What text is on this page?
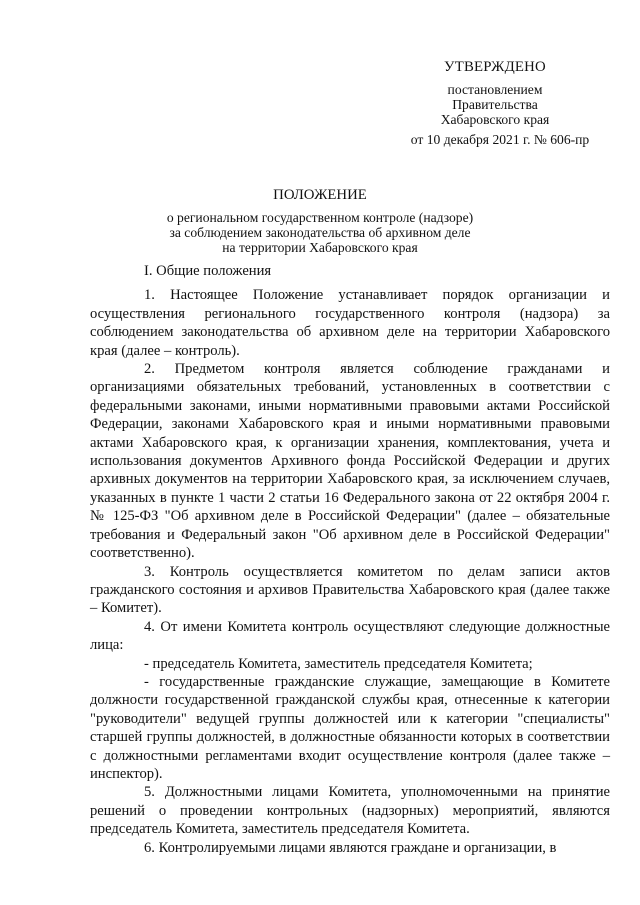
УТВЕРЖДЕНО
постановлением
Правительства
Хабаровского края
от 10 декабря 2021 г. № 606-пр
ПОЛОЖЕНИЕ
о региональном государственном контроле (надзоре)
за соблюдением законодательства об архивном деле
на территории Хабаровского края

I. Общие положения

1. Настоящее Положение устанавливает порядок организации и осуществления регионального государственного контроля (надзора) за соблюдением законодательства об архивном деле на территории Хабаровского края (далее – контроль).

2. Предметом контроля является соблюдение гражданами и организациями обязательных требований, установленных в соответствии с федеральными законами, иными нормативными правовыми актами Российской Федерации, законами Хабаровского края и иными нормативными правовыми актами Хабаровского края, к организации хранения, комплектования, учета и использования документов Архивного фонда Российской Федерации и других архивных документов на территории Хабаровского края, за исключением случаев, указанных в пункте 1 части 2 статьи 16 Федерального закона от 22 октября 2004 г. № 125-ФЗ "Об архивном деле в Российской Федерации" (далее – обязательные требования и Федеральный закон "Об архивном деле в Российской Федерации" соответственно).

3. Контроль осуществляется комитетом по делам записи актов гражданского состояния и архивов Правительства Хабаровского края (далее также – Комитет).

4. От имени Комитета контроль осуществляют следующие должностные лица:

- председатель Комитета, заместитель председателя Комитета;

- государственные гражданские служащие, замещающие в Комитете должности государственной гражданской службы края, отнесенные к категории "руководители" ведущей группы должностей или к категории "специалисты" старшей группы должностей, в должностные обязанности которых в соответствии с должностными регламентами входит осуществление контроля (далее также – инспектор).

5. Должностными лицами Комитета, уполномоченными на принятие решений о проведении контрольных (надзорных) мероприятий, являются председатель Комитета, заместитель председателя Комитета.

6. Контролируемыми лицами являются граждане и организации, в
